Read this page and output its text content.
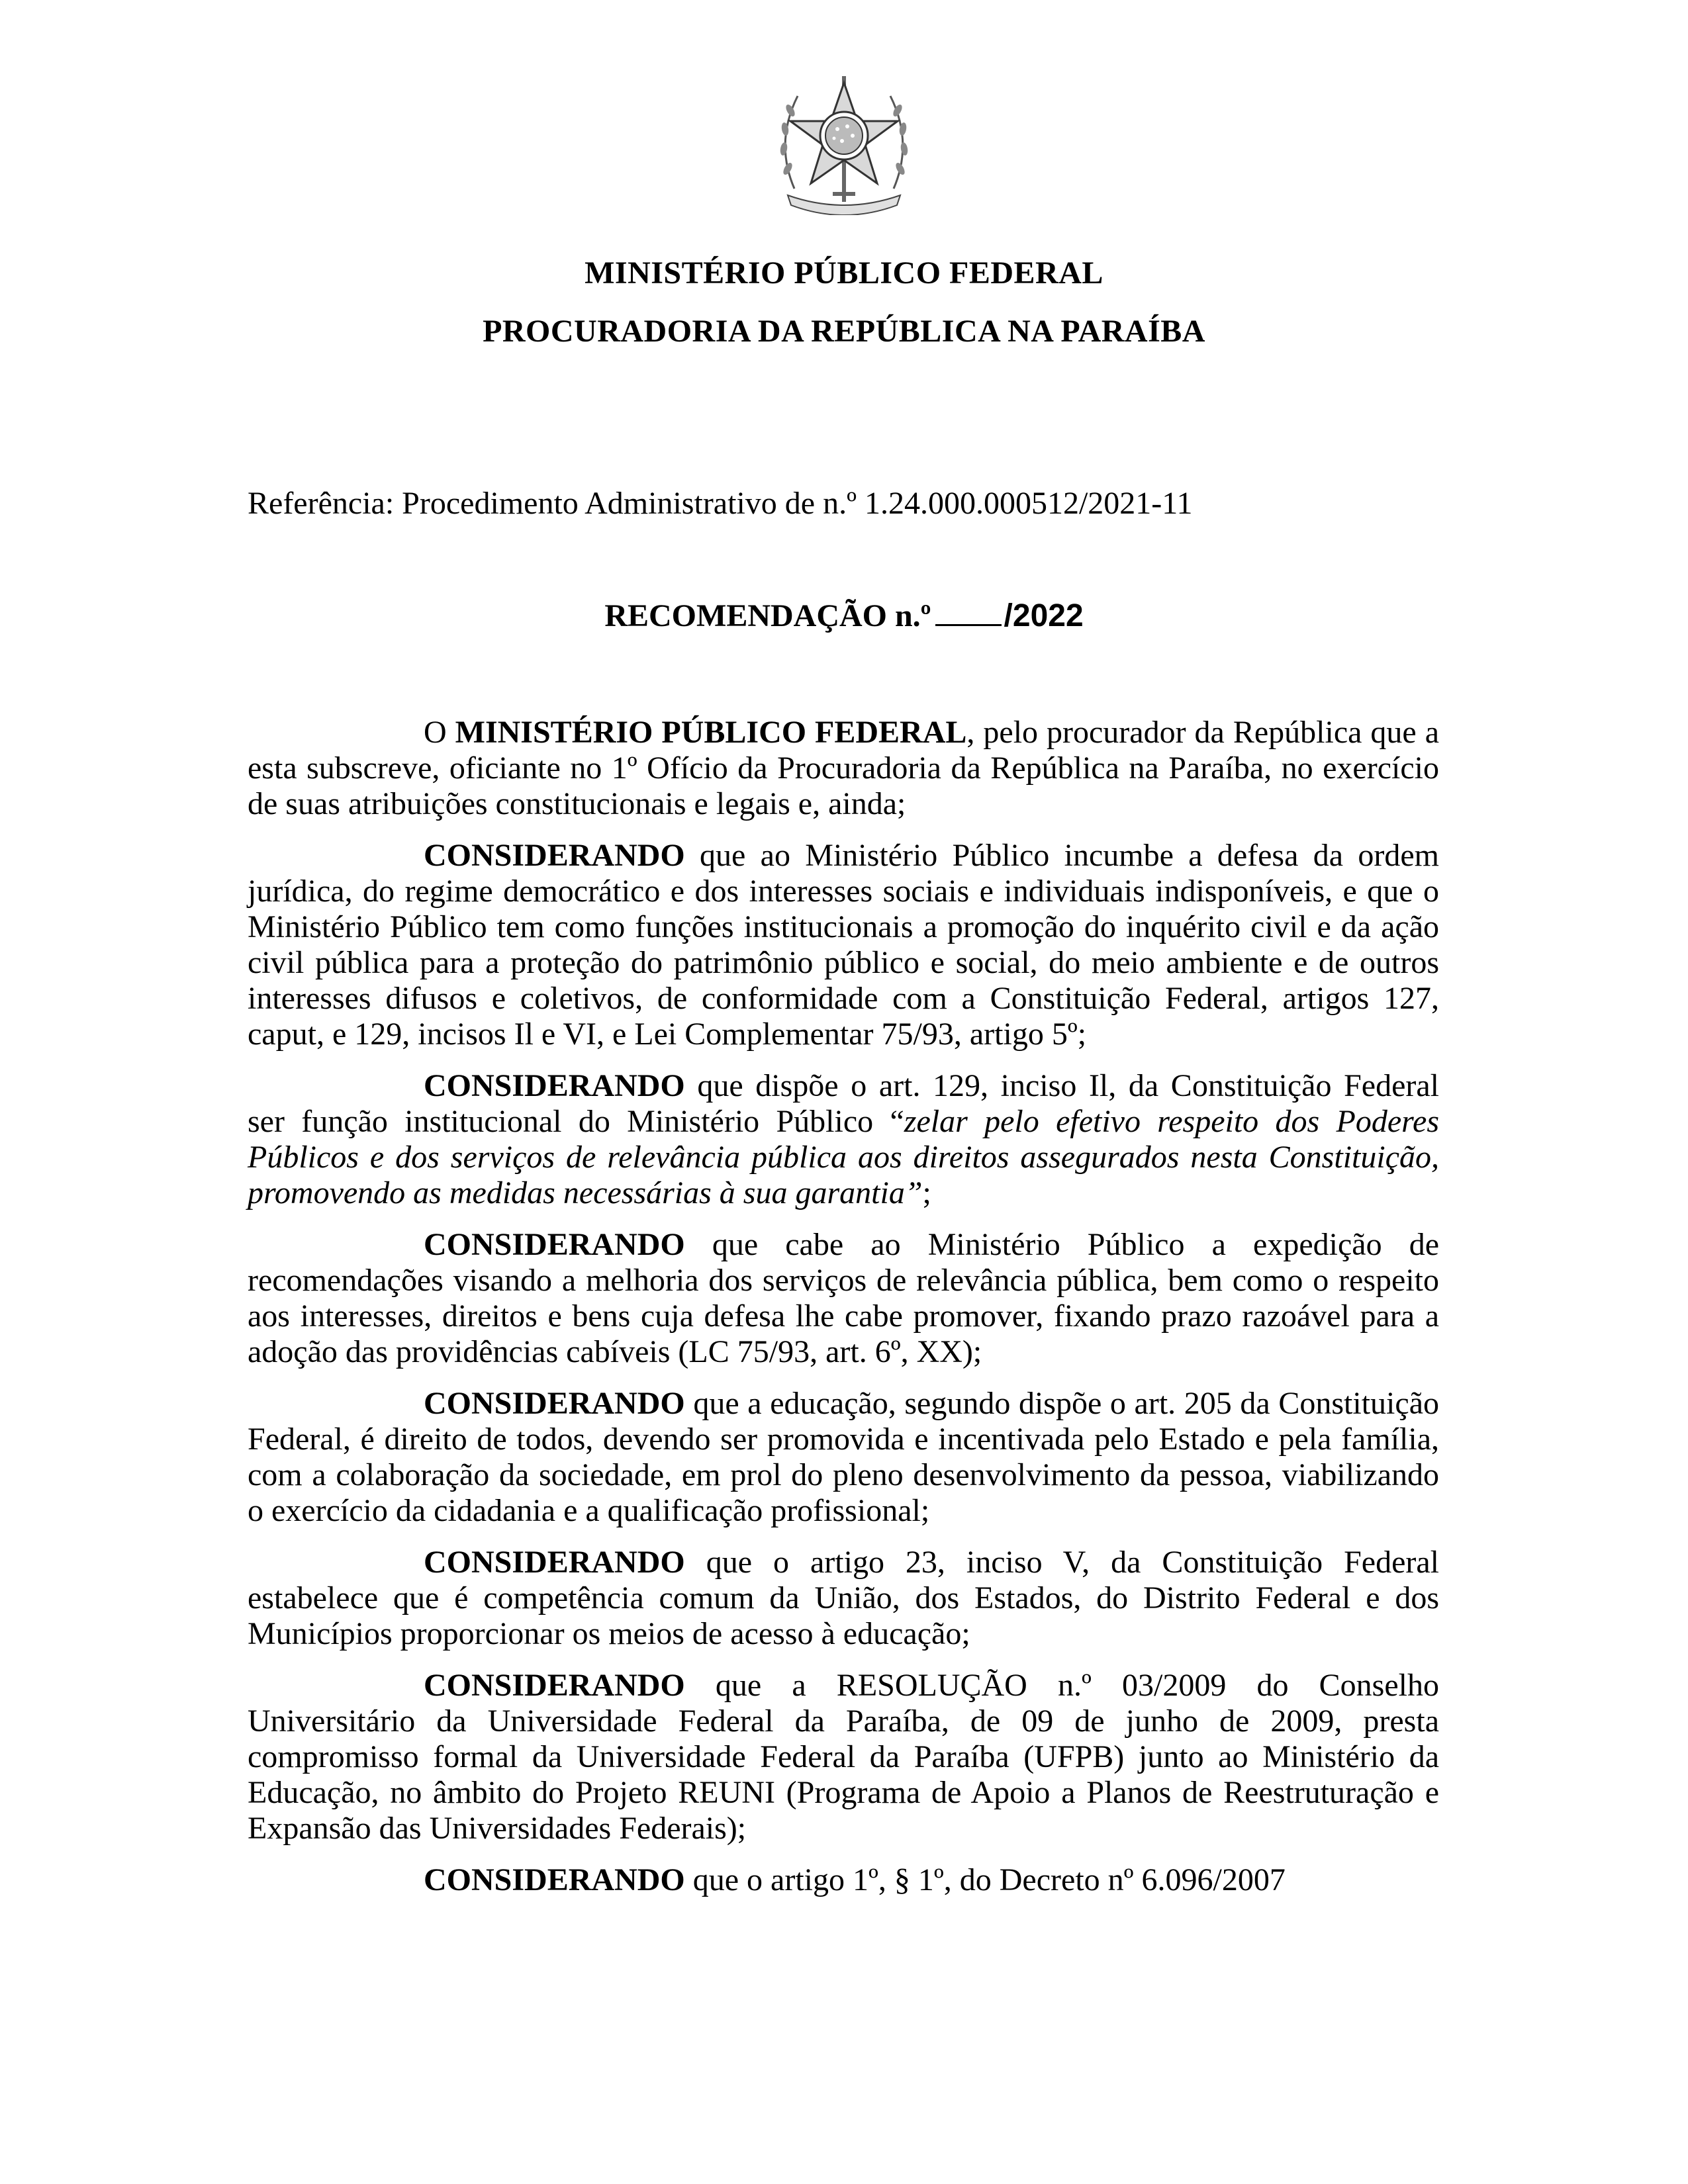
MINISTÉRIO PÚBLICO FEDERAL
PROCURADORIA DA REPÚBLICA NA PARAÍBA
Referência: Procedimento Administrativo de n.º 1.24.000.000512/2021-11
RECOMENDAÇÃO n.º /2022

O MINISTÉRIO PÚBLICO FEDERAL, pelo procurador da República que a esta subscreve, oficiante no 1º Ofício da Procuradoria da República na Paraíba, no exercício de suas atribuições constitucionais e legais e, ainda;

CONSIDERANDO que ao Ministério Público incumbe a defesa da ordem jurídica, do regime democrático e dos interesses sociais e individuais indisponíveis, e que o Ministério Público tem como funções institucionais a promoção do inquérito civil e da ação civil pública para a proteção do patrimônio público e social, do meio ambiente e de outros interesses difusos e coletivos, de conformidade com a Constituição Federal, artigos 127, caput, e 129, incisos Il e VI, e Lei Complementar 75/93, artigo 5º;

CONSIDERANDO que dispõe o art. 129, inciso Il, da Constituição Federal ser função institucional do Ministério Público “zelar pelo efetivo respeito dos Poderes Públicos e dos serviços de relevância pública aos direitos assegurados nesta Constituição, promovendo as medidas necessárias à sua garantia”;

CONSIDERANDO que cabe ao Ministério Público a expedição de recomendações visando a melhoria dos serviços de relevância pública, bem como o respeito aos interesses, direitos e bens cuja defesa lhe cabe promover, fixando prazo razoável para a adoção das providências cabíveis (LC 75/93, art. 6º, XX);

CONSIDERANDO que a educação, segundo dispõe o art. 205 da Constituição Federal, é direito de todos, devendo ser promovida e incentivada pelo Estado e pela família, com a colaboração da sociedade, em prol do pleno desenvolvimento da pessoa, viabilizando o exercício da cidadania e a qualificação profissional;

CONSIDERANDO que o artigo 23, inciso V, da Constituição Federal estabelece que é competência comum da União, dos Estados, do Distrito Federal e dos Municípios proporcionar os meios de acesso à educação;

CONSIDERANDO que a RESOLUÇÃO n.º 03/2009 do Conselho Universitário da Universidade Federal da Paraíba, de 09 de junho de 2009, presta compromisso formal da Universidade Federal da Paraíba (UFPB) junto ao Ministério da Educação, no âmbito do Projeto REUNI (Programa de Apoio a Planos de Reestruturação e Expansão das Universidades Federais);

CONSIDERANDO que o artigo 1º, § 1º, do Decreto nº 6.096/2007
